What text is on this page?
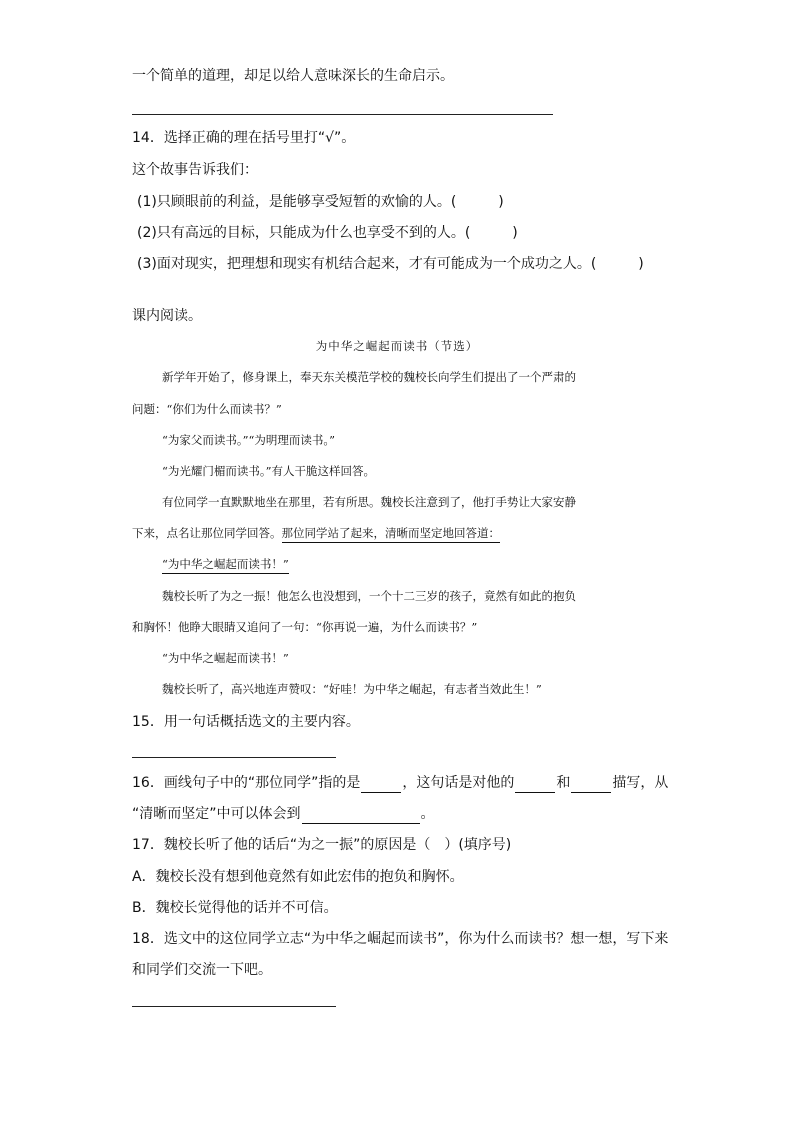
一个简单的道理，却足以给人意味深长的生命启示。
14．选择正确的理在括号里打“√”。
这个故事告诉我们：
(1)只顾眼前的利益，是能够享受短暂的欢愉的人。(　　　)
(2)只有高远的目标，只能成为什么也享受不到的人。(　　　)
(3)面对现实，把理想和现实有机结合起来，才有可能成为一个成功之人。(　　　)
课内阅读。
为中华之崛起而读书（节选）
新学年开始了，修身课上，奉天东关模范学校的魏校长向学生们提出了一个严肃的
问题：“你们为什么而读书？”
“为家父而读书。”“为明理而读书。”
“为光耀门楣而读书。”有人干脆这样回答。
有位同学一直默默地坐在那里，若有所思。魏校长注意到了，他打手势让大家安静
下来，点名让那位同学回答。那位同学站了起来，清晰而坚定地回答道：
“为中华之崛起而读书！”
魏校长听了为之一振！他怎么也没想到，一个十二三岁的孩子，竟然有如此的抱负
和胸怀！他睁大眼睛又追问了一句：“你再说一遍，为什么而读书？”
“为中华之崛起而读书！”
魏校长听了，高兴地连声赞叹：“好哇！为中华之崛起，有志者当效此生！”
15．用一句话概括选文的主要内容。
16．画线句子中的“那位同学”指的是	，这句话是对他的	和	描写，从
“清晰而坚定”中可以体会到	。
17．魏校长听了他的话后“为之一振”的原因是（　）(填序号)
A．魏校长没有想到他竟然有如此宏伟的抱负和胸怀。
B．魏校长觉得他的话并不可信。
18．选文中的这位同学立志“为中华之崛起而读书”，你为什么而读书？想一想，写下来
和同学们交流一下吧。
